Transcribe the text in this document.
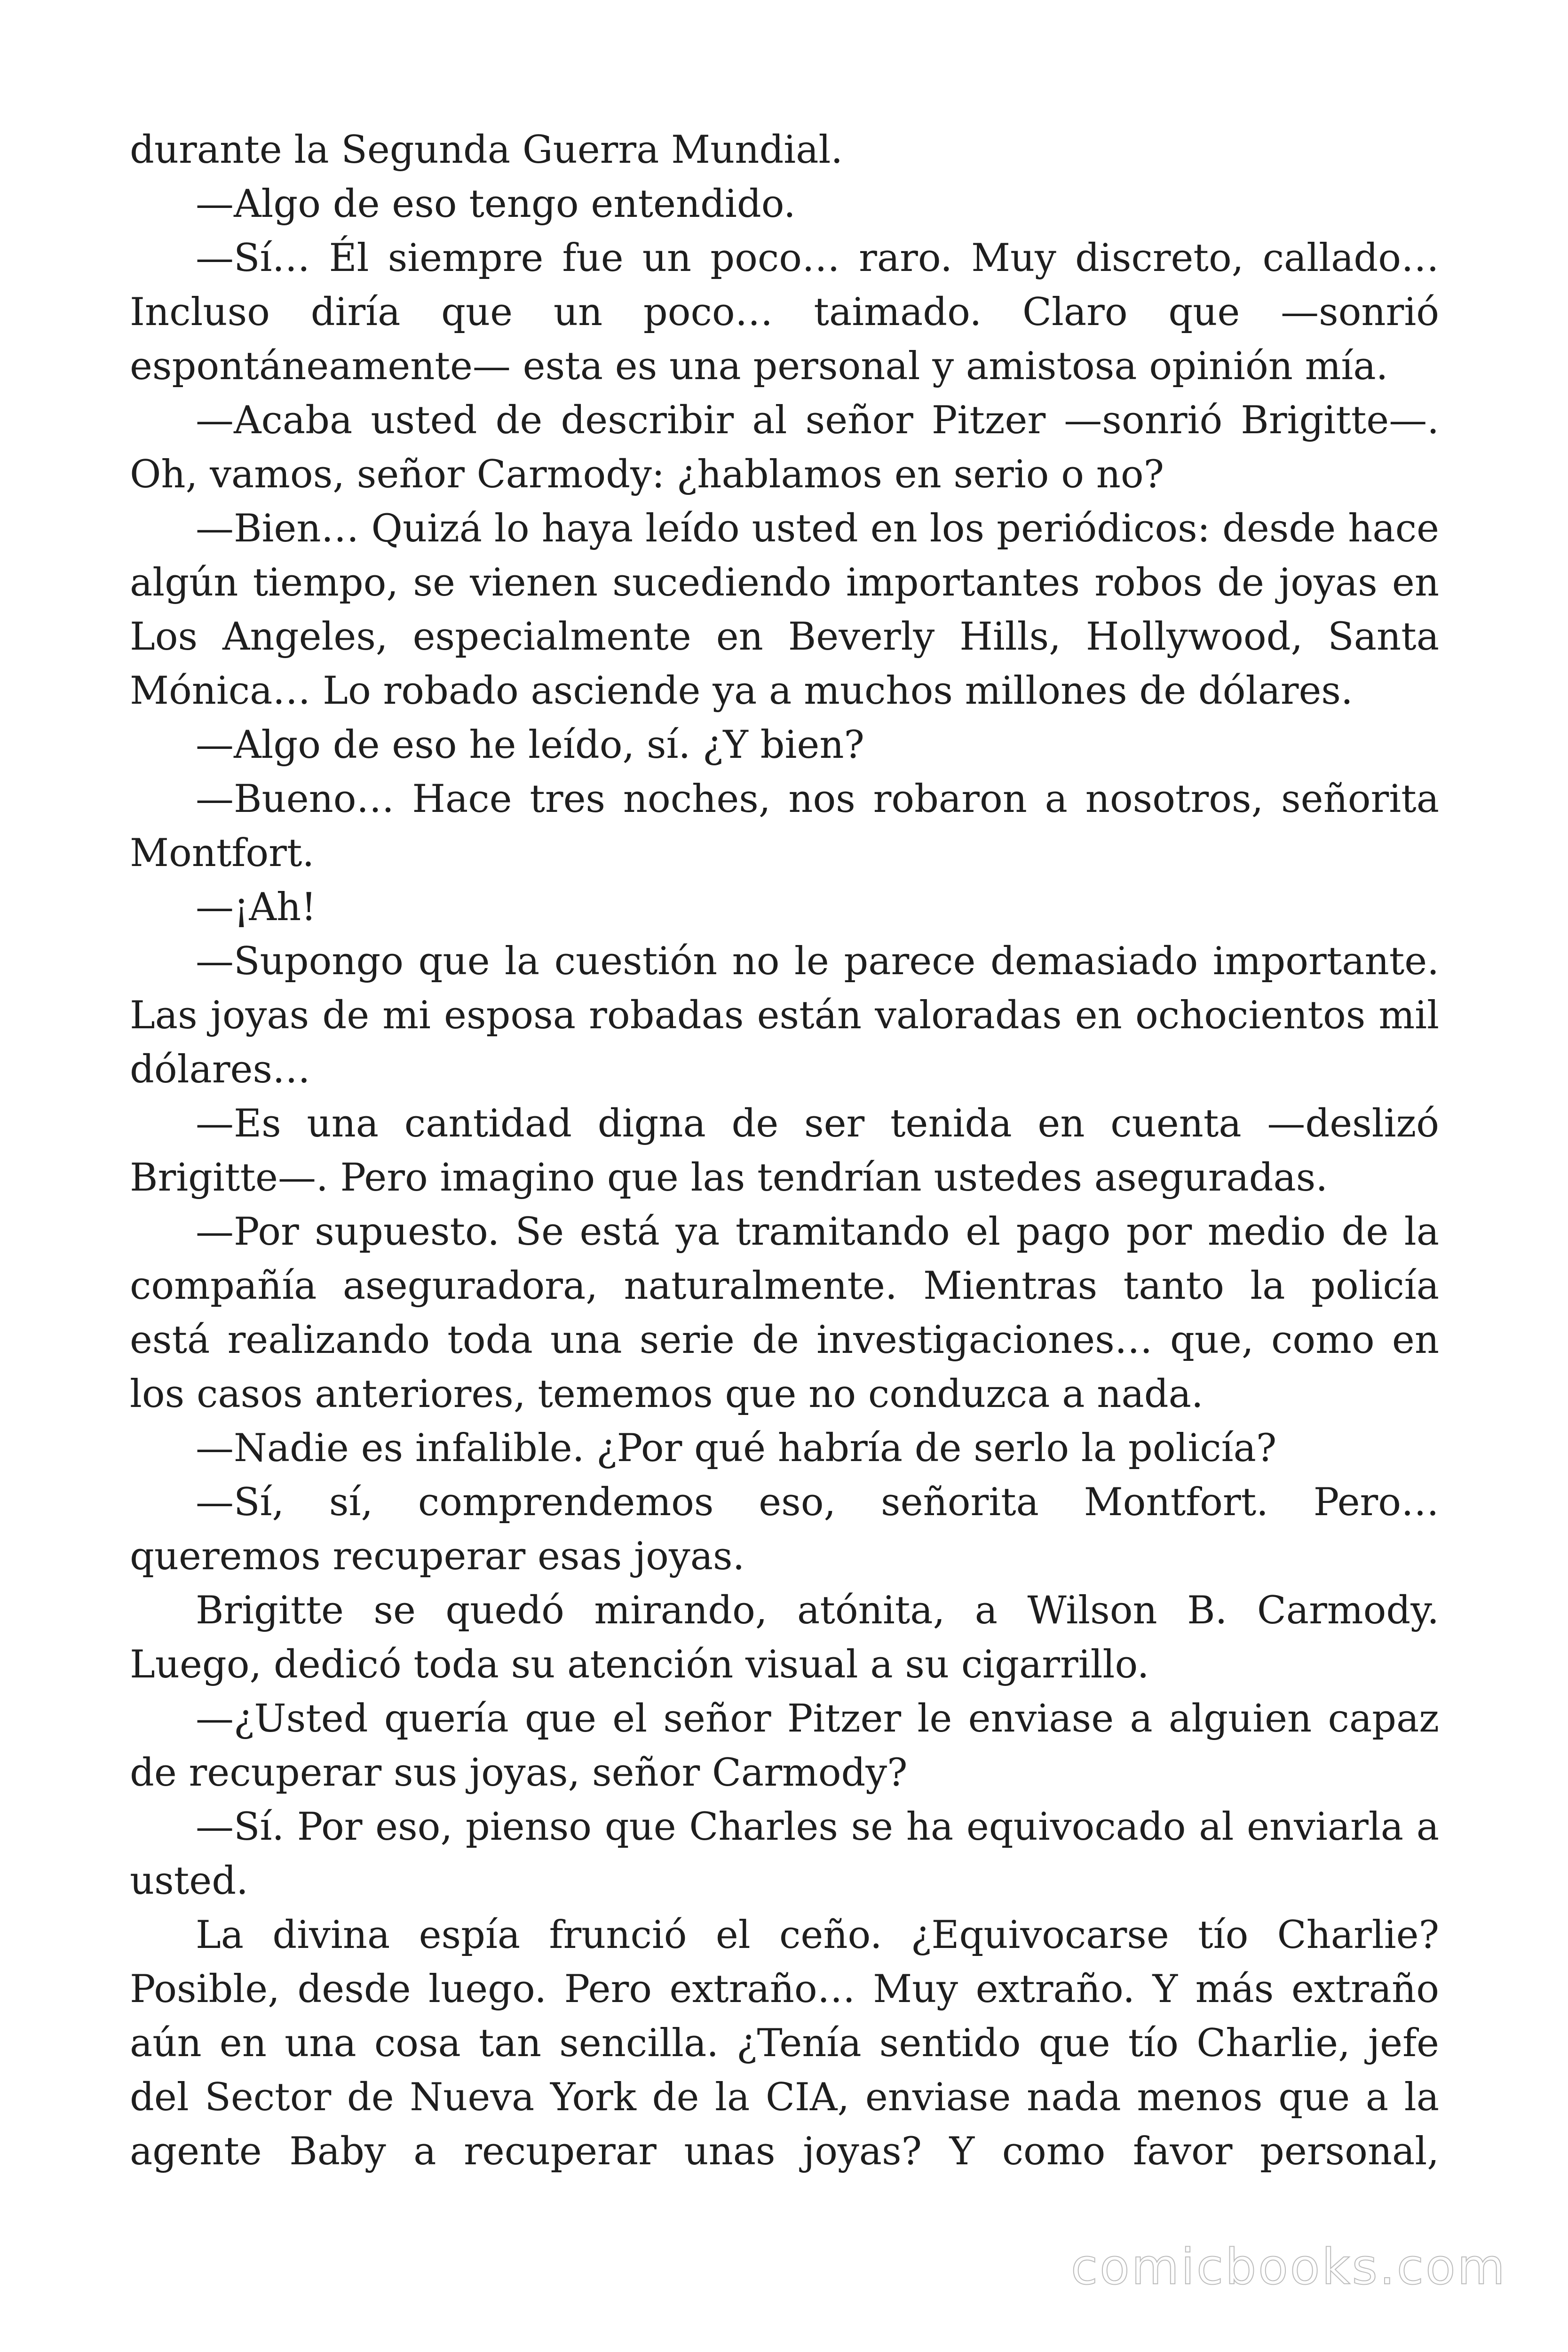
durante la Segunda Guerra Mundial.

—Algo de eso tengo entendido.

—Sí… Él siempre fue un poco… raro. Muy discreto, callado… Incluso diría que un poco… taimado. Claro que —sonrió espontáneamente— esta es una personal y amistosa opinión mía.

—Acaba usted de describir al señor Pitzer —sonrió Brigitte—. Oh, vamos, señor Carmody: ¿hablamos en serio o no?

—Bien… Quizá lo haya leído usted en los periódicos: desde hace algún tiempo, se vienen sucediendo importantes robos de joyas en Los Angeles, especialmente en Beverly Hills, Hollywood, Santa Mónica… Lo robado asciende ya a muchos millones de dólares.

—Algo de eso he leído, sí. ¿Y bien?

—Bueno… Hace tres noches, nos robaron a nosotros, señorita Montfort.

—¡Ah!

—Supongo que la cuestión no le parece demasiado importante. Las joyas de mi esposa robadas están valoradas en ochocientos mil dólares…

—Es una cantidad digna de ser tenida en cuenta —deslizó Brigitte—. Pero imagino que las tendrían ustedes aseguradas.

—Por supuesto. Se está ya tramitando el pago por medio de la compañía aseguradora, naturalmente. Mientras tanto la policía está realizando toda una serie de investigaciones… que, como en los casos anteriores, tememos que no conduzca a nada.

—Nadie es infalible. ¿Por qué habría de serlo la policía?

—Sí, sí, comprendemos eso, señorita Montfort. Pero… queremos recuperar esas joyas.

Brigitte se quedó mirando, atónita, a Wilson B. Carmody. Luego, dedicó toda su atención visual a su cigarrillo.

—¿Usted quería que el señor Pitzer le enviase a alguien capaz de recuperar sus joyas, señor Carmody?

—Sí. Por eso, pienso que Charles se ha equivocado al enviarla a usted.

La divina espía frunció el ceño. ¿Equivocarse tío Charlie? Posible, desde luego. Pero extraño… Muy extraño. Y más extraño aún en una cosa tan sencilla. ¿Tenía sentido que tío Charlie, jefe del Sector de Nueva York de la CIA, enviase nada menos que a la agente Baby a recuperar unas joyas? Y como favor personal,

comicbooks.com
